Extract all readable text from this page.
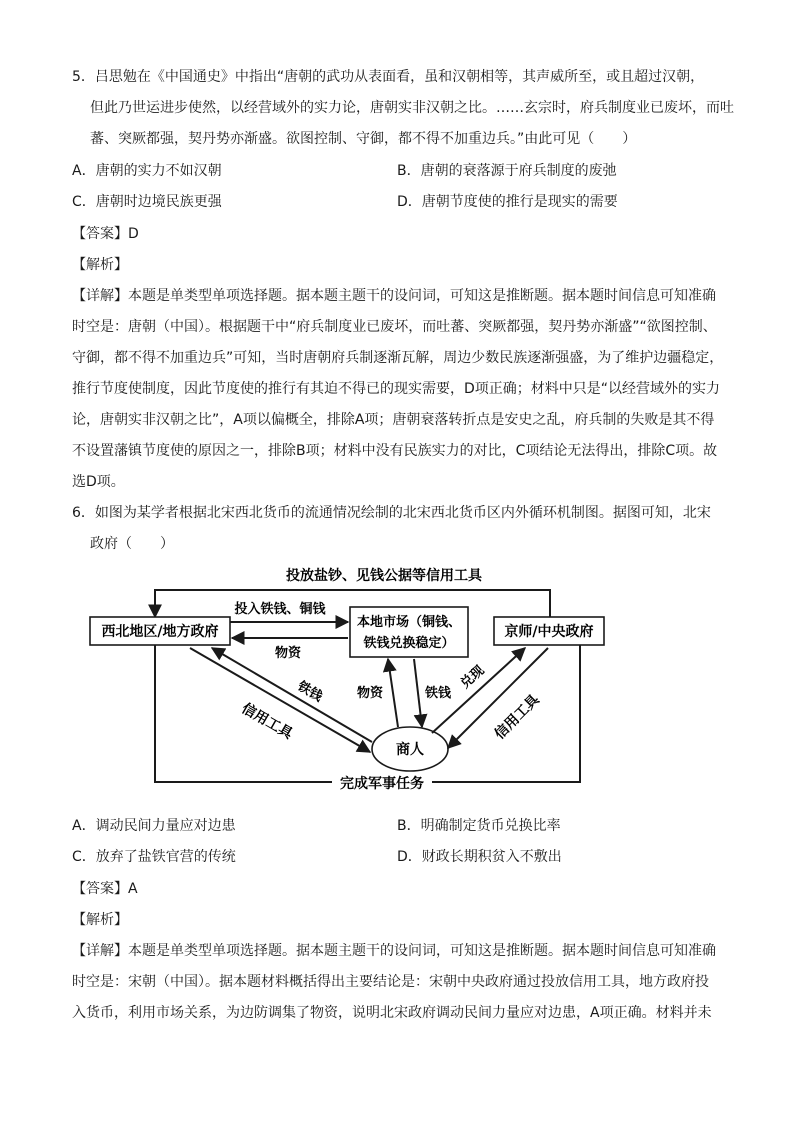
5．吕思勉在《中国通史》中指出“唐朝的武功从表面看，虽和汉朝相等，其声威所至，或且超过汉朝，
但此乃世运进步使然，以经营域外的实力论，唐朝实非汉朝之比。……玄宗时，府兵制度业已废坏，而吐
蕃、突厥都强，契丹势亦渐盛。欲图控制、守御，都不得不加重边兵。”由此可见（　　）
A．唐朝的实力不如汉朝	B．唐朝的衰落源于府兵制度的废弛
C．唐朝时边境民族更强	D．唐朝节度使的推行是现实的需要
【答案】D
【解析】
【详解】本题是单类型单项选择题。据本题主题干的设问词，可知这是推断题。据本题时间信息可知准确
时空是：唐朝（中国）。根据题干中“府兵制度业已废坏，而吐蕃、突厥都强，契丹势亦渐盛”“欲图控制、
守御，都不得不加重边兵”可知，当时唐朝府兵制逐渐瓦解，周边少数民族逐渐强盛，为了维护边疆稳定，
推行节度使制度，因此节度使的推行有其迫不得已的现实需要，D项正确；材料中只是“以经营域外的实力
论，唐朝实非汉朝之比”，A项以偏概全，排除A项；唐朝衰落转折点是安史之乱，府兵制的失败是其不得
不设置藩镇节度使的原因之一，排除B项；材料中没有民族实力的对比，C项结论无法得出，排除C项。故
选D项。
6．如图为某学者根据北宋西北货币的流通情况绘制的北宋西北货币区内外循环机制图。据图可知，北宋
政府（　　）
投放盐钞、见钱公据等信用工具
完成军事任务
西北地区/地方政府
本地市场（铜钱、
铁钱兑换稳定）
京师/中央政府
商人
投入铁钱、铜钱
物资
铁钱
信用工具
物资	铁钱
兑现
信用工具
A．调动民间力量应对边患	B．明确制定货币兑换比率
C．放弃了盐铁官营的传统	D．财政长期积贫入不敷出
【答案】A
【解析】
【详解】本题是单类型单项选择题。据本题主题干的设问词，可知这是推断题。据本题时间信息可知准确
时空是：宋朝（中国）。据本题材料概括得出主要结论是：宋朝中央政府通过投放信用工具，地方政府投
入货币，利用市场关系，为边防调集了物资，说明北宋政府调动民间力量应对边患，A项正确。材料并未
